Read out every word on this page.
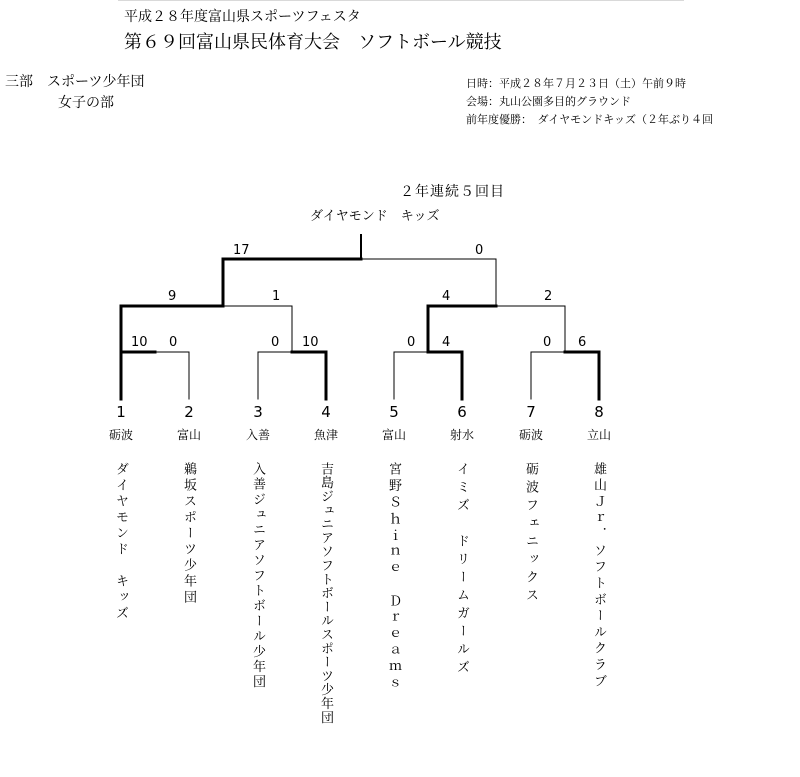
平成２８年度富山県スポーツフェスタ
第６９回富山県民体育大会　ソフトボール競技
三部　スポーツ少年団
女子の部
日時：平成２８年７月２３日（土）午前９時
会場：丸山公園多目的グラウンド
前年度優勝：　ダイヤモンドキッズ（２年ぶり４回
２年連続５回目
ダイヤモンド　キッズ
17	0
9	1	4	2
10 0	0 10	0 4	0 6
1	2	3	4	5	6	7	8
砺波	富山	入善	魚津	富山	射水	砺波	立山
ダイヤモンド　キッズ	鵜坂スポーツ少年団	入善ジュニアソフトボール少年団	吉島ジュニアソフトボールスポーツ少年団	宮野Ｓｈｉｎｅ　Ｄｒｅａｍｓ	イミズ　ドリームガールズ	砺波フェニックス	雄山Ｊｒ．ソフトボールクラブ
